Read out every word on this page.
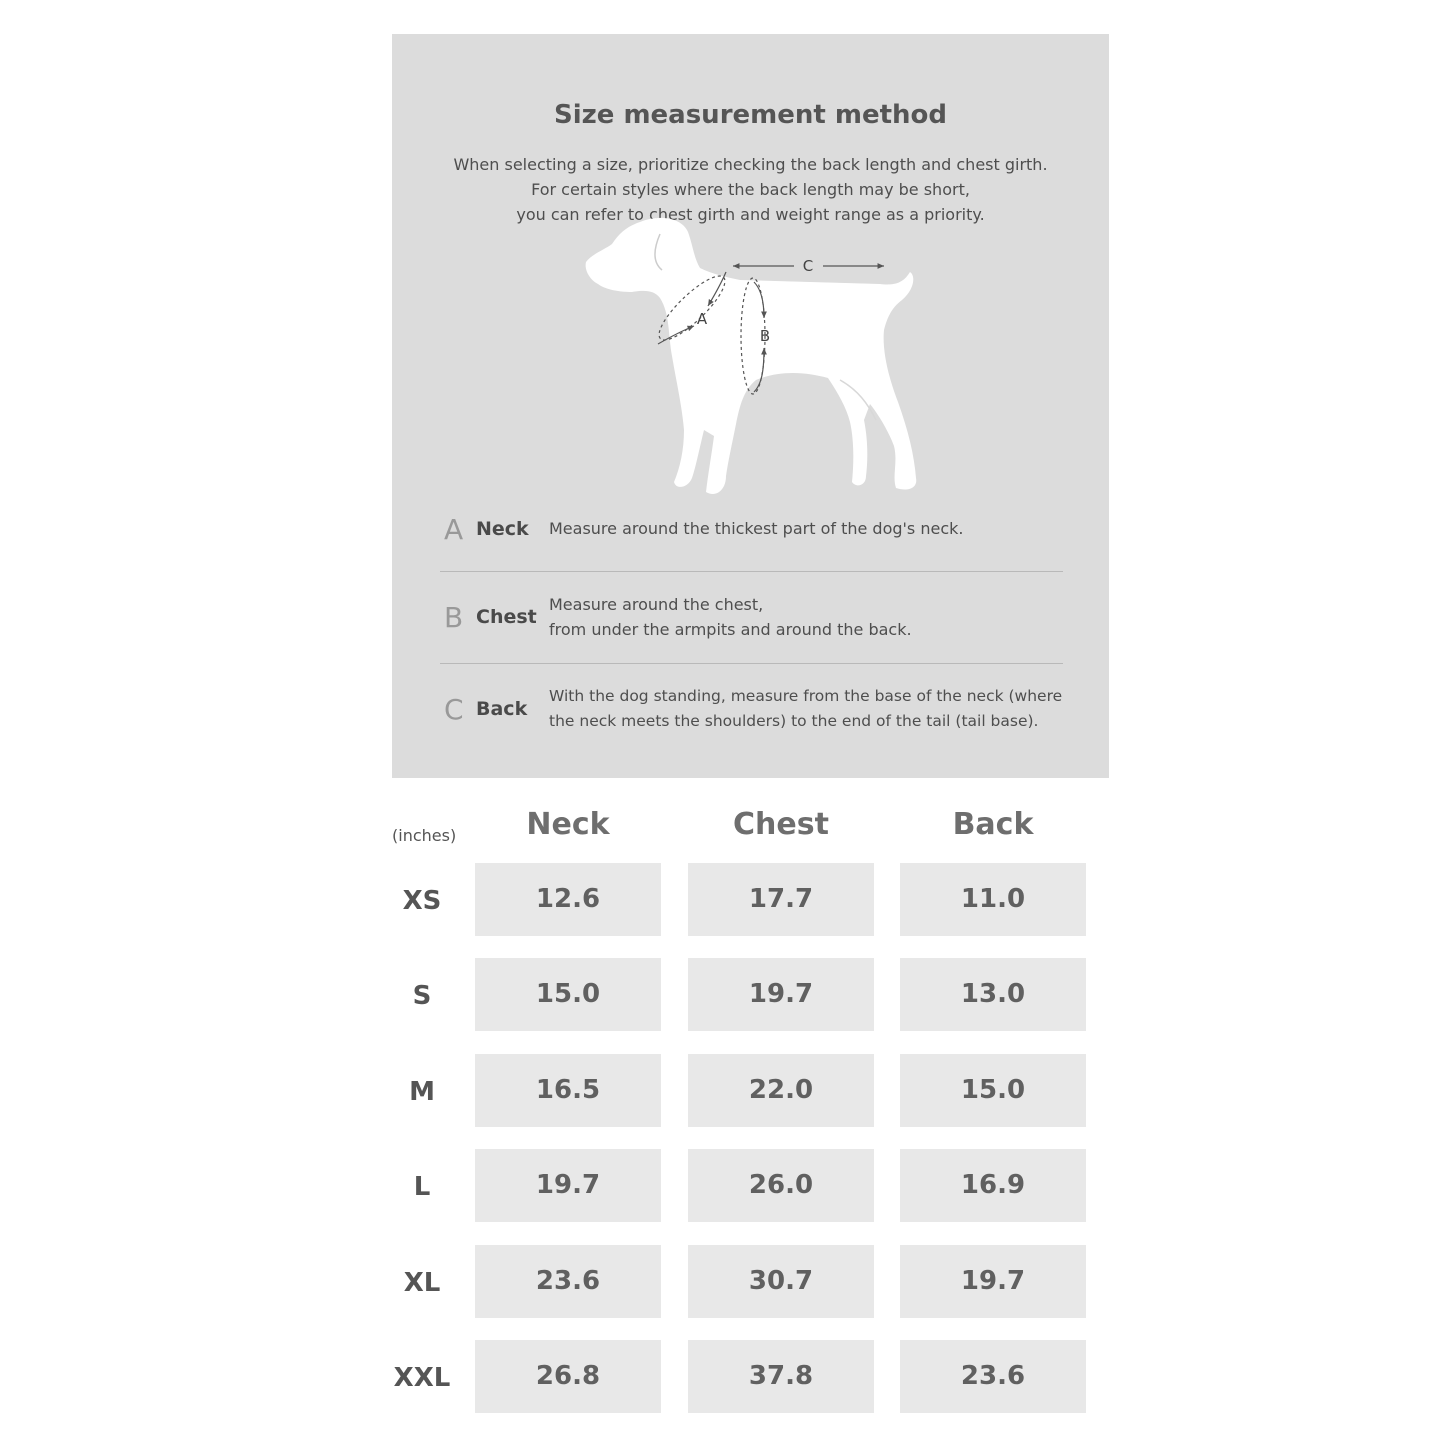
Size measurement method
When selecting a size, prioritize checking the back length and chest girth.
For certain styles where the back length may be short,
you can refer to chest girth and weight range as a priority.
A
B
C
A Neck Measure around the thickest part of the dog's neck.
B Chest
Measure around the chest,
from under the armpits and around the back.
C Back
With the dog standing, measure from the base of the neck (where
the neck meets the shoulders) to the end of the tail (tail base).
(inches)	Neck	Chest	Back
XS	12.6	17.7	11.0
S	15.0	19.7	13.0
M	16.5	22.0	15.0
L	19.7	26.0	16.9
XL	23.6	30.7	19.7
XXL	26.8	37.8	23.6
